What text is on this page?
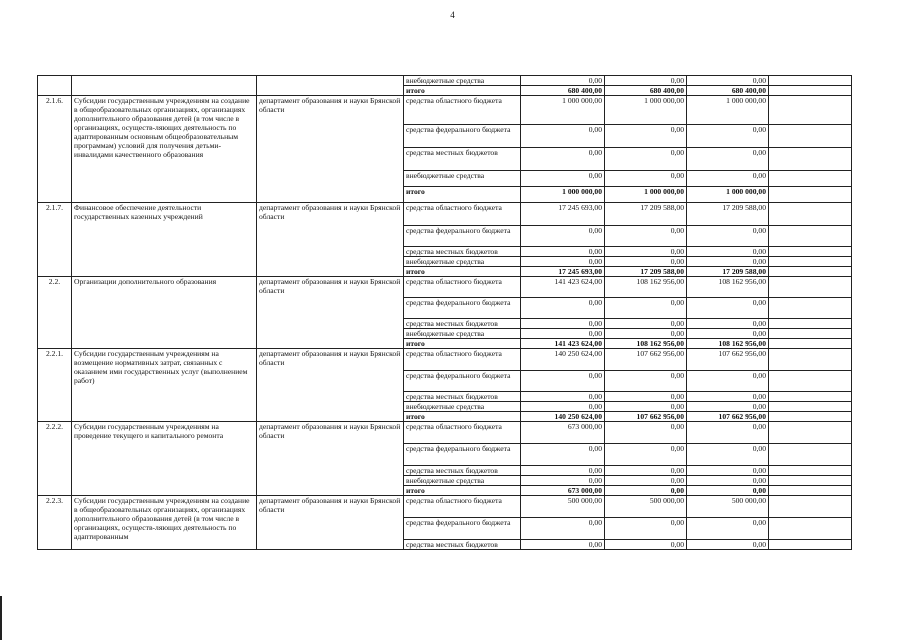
4
			внебюджетные средства	0,00	0,00	0,00	
			итого	680 400,00	680 400,00	680 400,00	
2.1.6.	Субсидии государственным учреждениям на создание в общеобразовательных организациях, организациях дополнительного образования детей (в том числе в организациях, осуществ-ляющих деятельность по адаптированным основным общеобразовательным программам) условий для получения детьми-инвалидами качественного образования	департамент образования и науки Брянской области	средства областного бюджета	1 000 000,00	1 000 000,00	1 000 000,00	
			средства федерального бюджета	0,00	0,00	0,00	
			средства местных бюджетов	0,00	0,00	0,00	
			внебюджетные средства	0,00	0,00	0,00	
			итого	1 000 000,00	1 000 000,00	1 000 000,00	
2.1.7.	Финансовое обеспечение деятельности государственных казенных учреждений	департамент образования и науки Брянской области	средства областного бюджета	17 245 693,00	17 209 588,00	17 209 588,00	
			средства федерального бюджета	0,00	0,00	0,00	
			средства местных бюджетов	0,00	0,00	0,00	
			внебюджетные средства	0,00	0,00	0,00	
			итого	17 245 693,00	17 209 588,00	17 209 588,00	
2.2.	Организации дополнительного образования	департамент образования и науки Брянской области	средства областного бюджета	141 423 624,00	108 162 956,00	108 162 956,00	
			средства федерального бюджета	0,00	0,00	0,00	
			средства местных бюджетов	0,00	0,00	0,00	
			внебюджетные средства	0,00	0,00	0,00	
			итого	141 423 624,00	108 162 956,00	108 162 956,00	
2.2.1.	Субсидии государственным учреждениям на возмещение нормативных затрат, связанных с оказанием ими государственных услуг (выполнением работ)	департамент образования и науки Брянской области	средства областного бюджета	140 250 624,00	107 662 956,00	107 662 956,00	
			средства федерального бюджета	0,00	0,00	0,00	
			средства местных бюджетов	0,00	0,00	0,00	
			внебюджетные средства	0,00	0,00	0,00	
			итого	140 250 624,00	107 662 956,00	107 662 956,00	
2.2.2.	Субсидии государственным учреждениям на проведение текущего и капитального ремонта	департамент образования и науки Брянской области	средства областного бюджета	673 000,00	0,00	0,00	
			средства федерального бюджета	0,00	0,00	0,00	
			средства местных бюджетов	0,00	0,00	0,00	
			внебюджетные средства	0,00	0,00	0,00	
			итого	673 000,00	0,00	0,00	
2.2.3.	Субсидии государственным учреждениям на создание в общеобразовательных организациях, организациях дополнительного образования детей (в том числе в организациях, осуществ-ляющих деятельность по адаптированным	департамент образования и науки Брянской области	средства областного бюджета	500 000,00	500 000,00	500 000,00	
			средства федерального бюджета	0,00	0,00	0,00	
			средства местных бюджетов	0,00	0,00	0,00	
